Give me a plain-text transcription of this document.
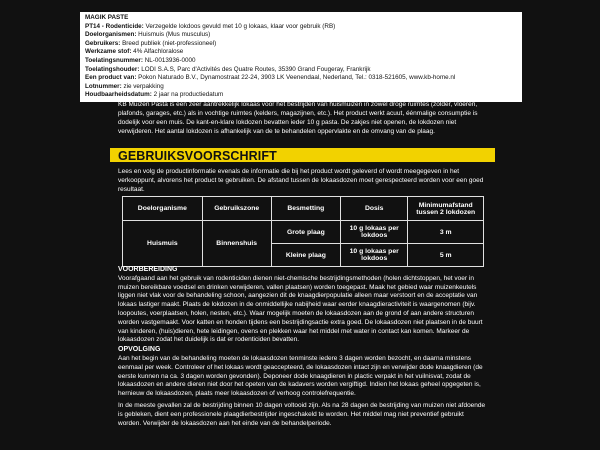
MAGIK PASTE
PT14 - Rodenticide: Verzegelde lokdoos gevuld met 10 g lokaas, klaar voor gebruik (RB)
Doelorganismen: Huismuis (Mus musculus)
Gebruikers: Breed publiek (niet-professioneel)
Werkzame stof: 4% Alfachloralose
Toelatingsnummer: NL-0013936-0000
Toelatingshouder: LODI S.A.S, Parc d'Activités des Quatre Routes, 35390 Grand Fougeray, Frankrijk
Een product van: Pokon Naturado B.V., Dynamostraat 22-24, 3903 LK Veenendaal, Nederland, Tel.: 0318-521605, www.kb-home.nl
Lotnummer: zie verpakking
Houdbaarheidsdatum: 2 jaar na productiedatum

KB Muizen Pasta is een zeer aantrekkelijk lokaas voor het bestrijden van huismuizen in zowel droge ruimtes (zolder, vloeren, plafonds, garages, etc.) als in vochtige ruimtes (kelders, magazijnen, etc.). Het product werkt acuut, éénmalige consumptie is dodelijk voor een muis. De kant-en-klare lokdozen bevatten ieder 10 g pasta. De zakjes niet openen, de lokdozen niet verwijderen. Het aantal lokdozen is afhankelijk van de te behandelen oppervlakte en de omvang van de plaag.

GEBRUIKSVOORSCHRIFT

Lees en volg de productinformatie evenals de informatie die bij het product wordt geleverd of wordt meegegeven in het verkooppunt, alvorens het product te gebruiken. De afstand tussen de lokaasdozen moet gerespecteerd worden voor een goed resultaat.

Doelorganisme	Gebruikszone	Besmetting	Dosis	Minimumafstand tussen 2 lokdozen
Huismuis	Binnenshuis	Grote plaag	10 g lokaas per lokdoos	3 m
		Kleine plaag	10 g lokaas per lokdoos	5 m

VOORBEREIDING

Voorafgaand aan het gebruik van rodenticiden dienen niet-chemische bestrijdingsmethoden (holen dichtstoppen, het voer in muizen bereikbare voedsel en drinken verwijderen, vallen plaatsen) worden toegepast. Maak het gebied waar muizenkeutels liggen niet vlak voor de behandeling schoon, aangezien dit de knaagdierpopulatie alleen maar verstoort en de acceptatie van lokaas lastiger maakt. Plaats de lokdozen in de onmiddellijke nabijheid waar eerder knaagdieractiviteit is waargenomen (bijv. loopoutes, voerplaatsen, holen, nesten, etc.). Waar mogelijk moeten de lokaasdozen aan de grond of aan andere structuren worden vastgemaakt. Voor katten en honden tijdens een bestrijdingsactie extra goed. De lokaasdozen niet plaatsen in de buurt van kinderen, (huis)dieren, hete leidingen, ovens en plekken waar het middel met water in contact kan komen. Markeer de lokaasdozen zodat het duidelijk is dat er rodenticiden bevatten.

OPVOLGING

Aan het begin van de behandeling moeten de lokaasdozen tenminste iedere 3 dagen worden bezocht, en daarna minstens eenmaal per week. Controleer of het lokaas wordt geaccepteerd, de lokaasdozen intact zijn en verwijder dode knaagdieren (de eerste kunnen na ca. 3 dagen worden gevonden). Deponeer dode knaagdieren in plactic verpakt in het vuilnisvat, zodat de lokaasdozen en andere dieren niet door het opeten van de kadavers worden vergiftigd. Indien het lokaas geheel opgegeten is, hernieuw de lokaasdozen, plaats meer lokaasdozen of verhoog controlefrequentie.

In de meeste gevallen zal de bestrijding binnen 10 dagen voltooid zijn. Als na 28 dagen de bestrijding van muizen niet afdoende is gebleken, dient een professionele plaagdierbestrijder ingeschakeld te worden. Het middel mag niet preventief gebruikt worden. Verwijder de lokaasdozen aan het einde van de behandelperiode.
